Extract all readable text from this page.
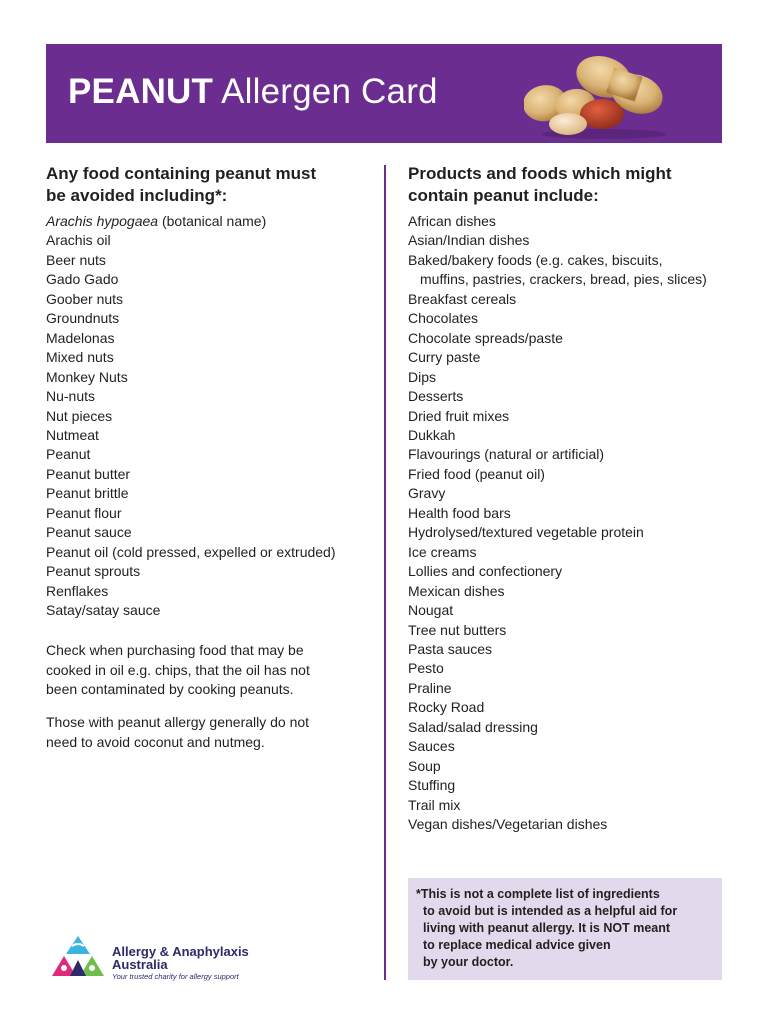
PEANUT Allergen Card
Any food containing peanut must
be avoided including*:
Arachis hypogaea (botanical name)
Arachis oil
Beer nuts
Gado Gado
Goober nuts
Groundnuts
Madelonas
Mixed nuts
Monkey Nuts
Nu-nuts
Nut pieces
Nutmeat
Peanut
Peanut butter
Peanut brittle
Peanut flour
Peanut sauce
Peanut oil (cold pressed, expelled or extruded)
Peanut sprouts
Renflakes
Satay/satay sauce
Check when purchasing food that may be
cooked in oil e.g. chips, that the oil has not
been contaminated by cooking peanuts.
Those with peanut allergy generally do not
need to avoid coconut and nutmeg.
Products and foods which might
contain peanut include:
African dishes
Asian/Indian dishes
Baked/bakery foods (e.g. cakes, biscuits,
muffins, pastries, crackers, bread, pies, slices)
Breakfast cereals
Chocolates
Chocolate spreads/paste
Curry paste
Dips
Desserts
Dried fruit mixes
Dukkah
Flavourings (natural or artificial)
Fried food (peanut oil)
Gravy
Health food bars
Hydrolysed/textured vegetable protein
Ice creams
Lollies and confectionery
Mexican dishes
Nougat
Tree nut butters
Pasta sauces
Pesto
Praline
Rocky Road
Salad/salad dressing
Sauces
Soup
Stuffing
Trail mix
Vegan dishes/Vegetarian dishes

*This is not a complete list of ingredients

to avoid but is intended as a helpful aid for

living with peanut allergy. It is NOT meant

to replace medical advice given

by your doctor.

Allergy & Anaphylaxis
Australia
Your trusted charity for allergy support
